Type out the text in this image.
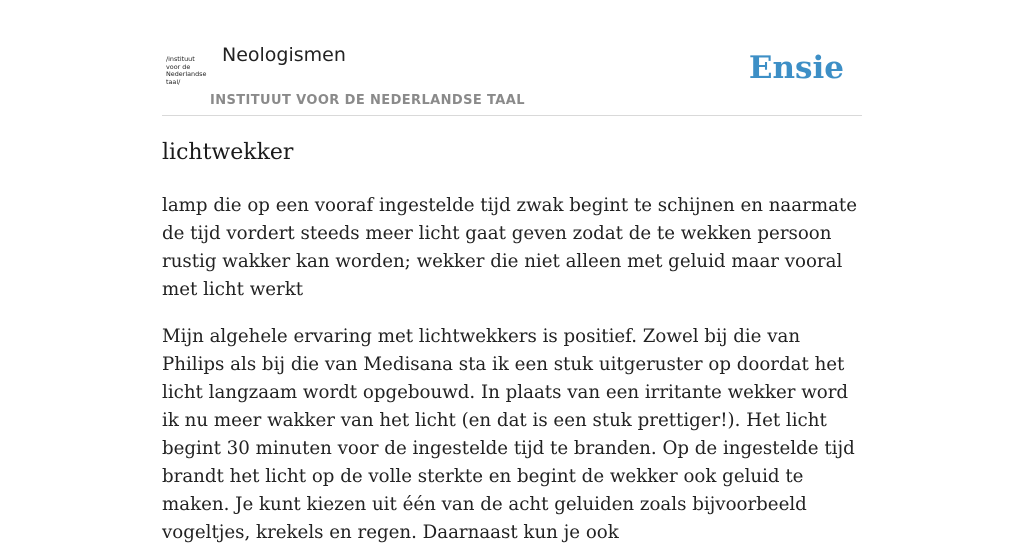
/instituut
voor de
Nederlandse
taal/
Neologismen
INSTITUUT VOOR DE NEDERLANDSE TAAL
Ensie
lichtwekker

lamp die op een vooraf ingestelde tijd zwak begint te schijnen en naarmate de tijd vordert steeds meer licht gaat geven zodat de te wekken persoon rustig wakker kan worden; wekker die niet alleen met geluid maar vooral met licht werkt

Mijn algehele ervaring met lichtwekkers is positief. Zowel bij die van Philips als bij die van Medisana sta ik een stuk uitgeruster op doordat het licht langzaam wordt opgebouwd. In plaats van een irritante wekker word ik nu meer wakker van het licht (en dat is een stuk prettiger!). Het licht begint 30 minuten voor de ingestelde tijd te branden. Op de ingestelde tijd brandt het licht op de volle sterkte en begint de wekker ook geluid te maken. Je kunt kiezen uit één van de acht geluiden zoals bijvoorbeeld vogeltjes, krekels en regen. Daarnaast kun je ook
